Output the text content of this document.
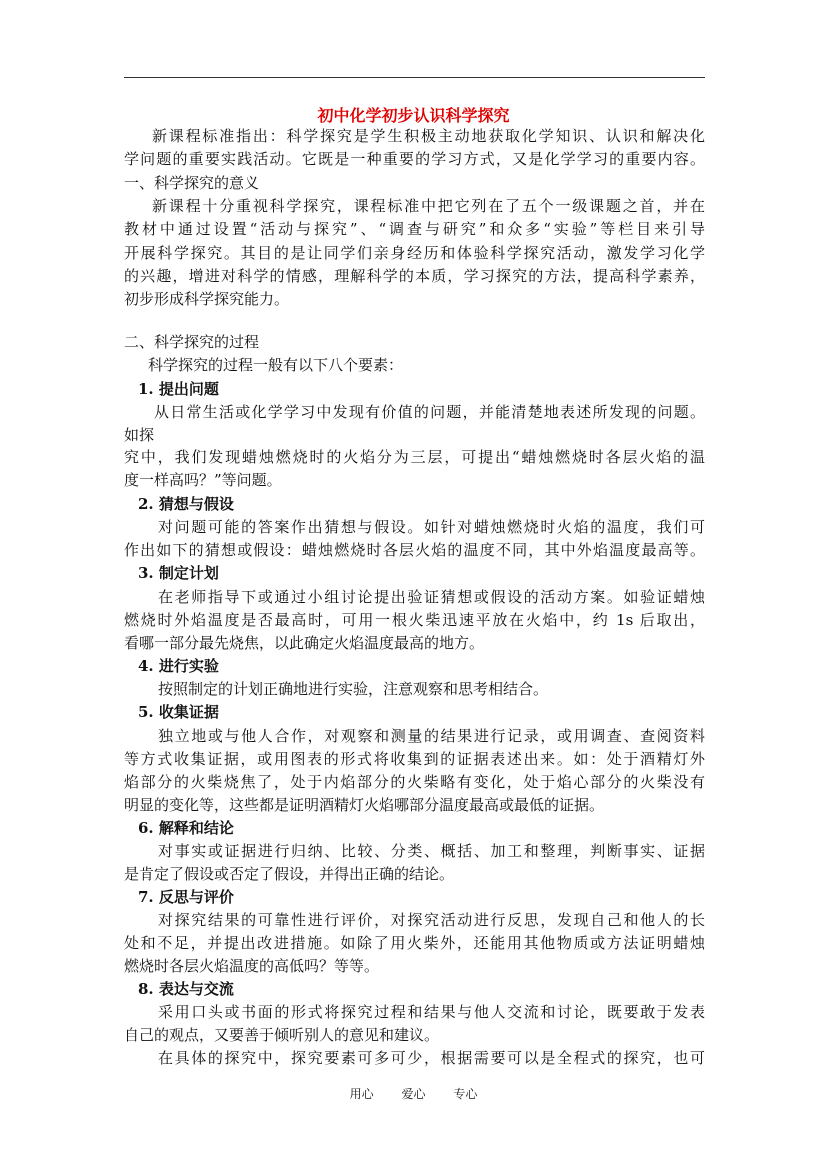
初中化学初步认识科学探究
新课程标准指出：科学探究是学生积极主动地获取化学知识、认识和解决化
学问题的重要实践活动。它既是一种重要的学习方式，又是化学学习的重要内容。
一、科学探究的意义
新课程十分重视科学探究，课程标准中把它列在了五个一级课题之首，并在
教材中通过设置“活动与探究”、“调查与研究”和众多“实验”等栏目来引导
开展科学探究。其目的是让同学们亲身经历和体验科学探究活动，激发学习化学
的兴趣，增进对科学的情感，理解科学的本质，学习探究的方法，提高科学素养，
初步形成科学探究能力。
二、科学探究的过程
科学探究的过程一般有以下八个要素：
1. 提出问题
从日常生活或化学学习中发现有价值的问题，并能清楚地表述所发现的问题。
如探
究中，我们发现蜡烛燃烧时的火焰分为三层，可提出“蜡烛燃烧时各层火焰的温
度一样高吗？”等问题。
2. 猜想与假设
对问题可能的答案作出猜想与假设。如针对蜡烛燃烧时火焰的温度，我们可
作出如下的猜想或假设：蜡烛燃烧时各层火焰的温度不同，其中外焰温度最高等。
3. 制定计划
在老师指导下或通过小组讨论提出验证猜想或假设的活动方案。如验证蜡烛
燃烧时外焰温度是否最高时，可用一根火柴迅速平放在火焰中，约 1s 后取出，
看哪一部分最先烧焦，以此确定火焰温度最高的地方。
4. 进行实验
按照制定的计划正确地进行实验，注意观察和思考相结合。
5. 收集证据
独立地或与他人合作，对观察和测量的结果进行记录，或用调查、查阅资料
等方式收集证据，或用图表的形式将收集到的证据表述出来。如：处于酒精灯外
焰部分的火柴烧焦了，处于内焰部分的火柴略有变化，处于焰心部分的火柴没有
明显的变化等，这些都是证明酒精灯火焰哪部分温度最高或最低的证据。
6. 解释和结论
对事实或证据进行归纳、比较、分类、概括、加工和整理，判断事实、证据
是肯定了假设或否定了假设，并得出正确的结论。
7. 反思与评价
对探究结果的可靠性进行评价，对探究活动进行反思，发现自己和他人的长
处和不足，并提出改进措施。如除了用火柴外，还能用其他物质或方法证明蜡烛
燃烧时各层火焰温度的高低吗？等等。
8. 表达与交流
采用口头或书面的形式将探究过程和结果与他人交流和讨论，既要敢于发表
自己的观点，又要善于倾听别人的意见和建议。
在具体的探究中，探究要素可多可少，根据需要可以是全程式的探究，也可
用心 爱心 专心
